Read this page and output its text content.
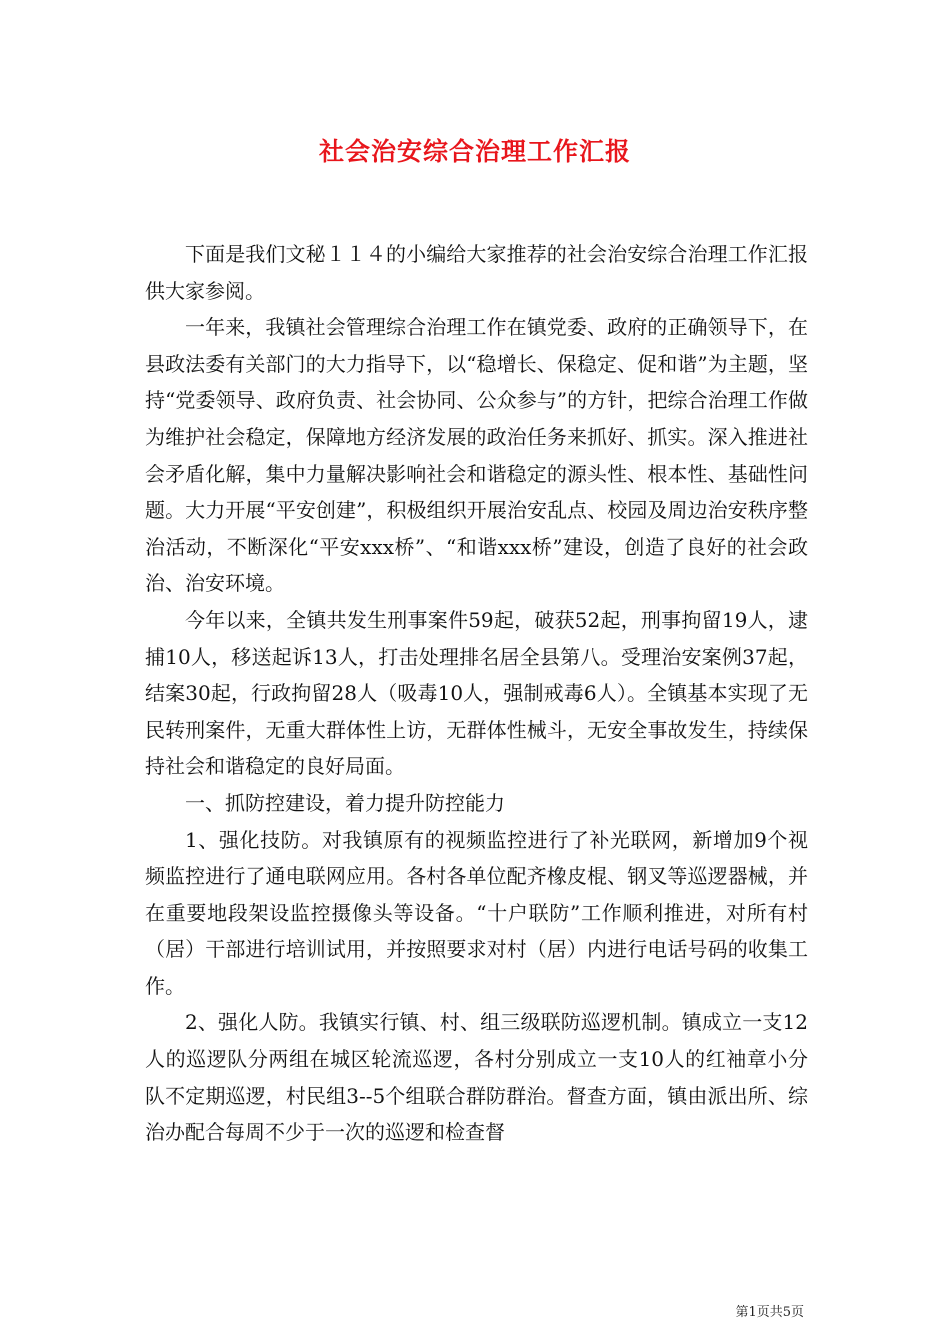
社会治安综合治理工作汇报

下面是我们文秘１１４的小编给大家推荐的社会治安综合治理工作汇报供大家参阅。

一年来，我镇社会管理综合治理工作在镇党委、政府的正确领导下，在县政法委有关部门的大力指导下，以“稳增长、保稳定、促和谐”为主题，坚持“党委领导、政府负责、社会协同、公众参与”的方针，把综合治理工作做为维护社会稳定，保障地方经济发展的政治任务来抓好、抓实。深入推进社会矛盾化解，集中力量解决影响社会和谐稳定的源头性、根本性、基础性问题。大力开展“平安创建”，积极组织开展治安乱点、校园及周边治安秩序整治活动，不断深化“平安xxx桥”、“和谐xxx桥”建设，创造了良好的社会政治、治安环境。

今年以来，全镇共发生刑事案件59起，破获52起，刑事拘留19人，逮捕10人，移送起诉13人，打击处理排名居全县第八。受理治安案例37起，结案30起，行政拘留28人（吸毒10人，强制戒毒6人）。全镇基本实现了无民转刑案件，无重大群体性上访，无群体性械斗，无安全事故发生，持续保持社会和谐稳定的良好局面。

一、抓防控建设，着力提升防控能力

1、强化技防。对我镇原有的视频监控进行了补光联网，新增加9个视频监控进行了通电联网应用。各村各单位配齐橡皮棍、钢叉等巡逻器械，并在重要地段架设监控摄像头等设备。“十户联防”工作顺利推进，对所有村（居）干部进行培训试用，并按照要求对村（居）内进行电话号码的收集工作。

2、强化人防。我镇实行镇、村、组三级联防巡逻机制。镇成立一支12人的巡逻队分两组在城区轮流巡逻，各村分别成立一支10人的红袖章小分队不定期巡逻，村民组3--5个组联合群防群治。督查方面，镇由派出所、综治办配合每周不少于一次的巡逻和检查督

第1页共5页
